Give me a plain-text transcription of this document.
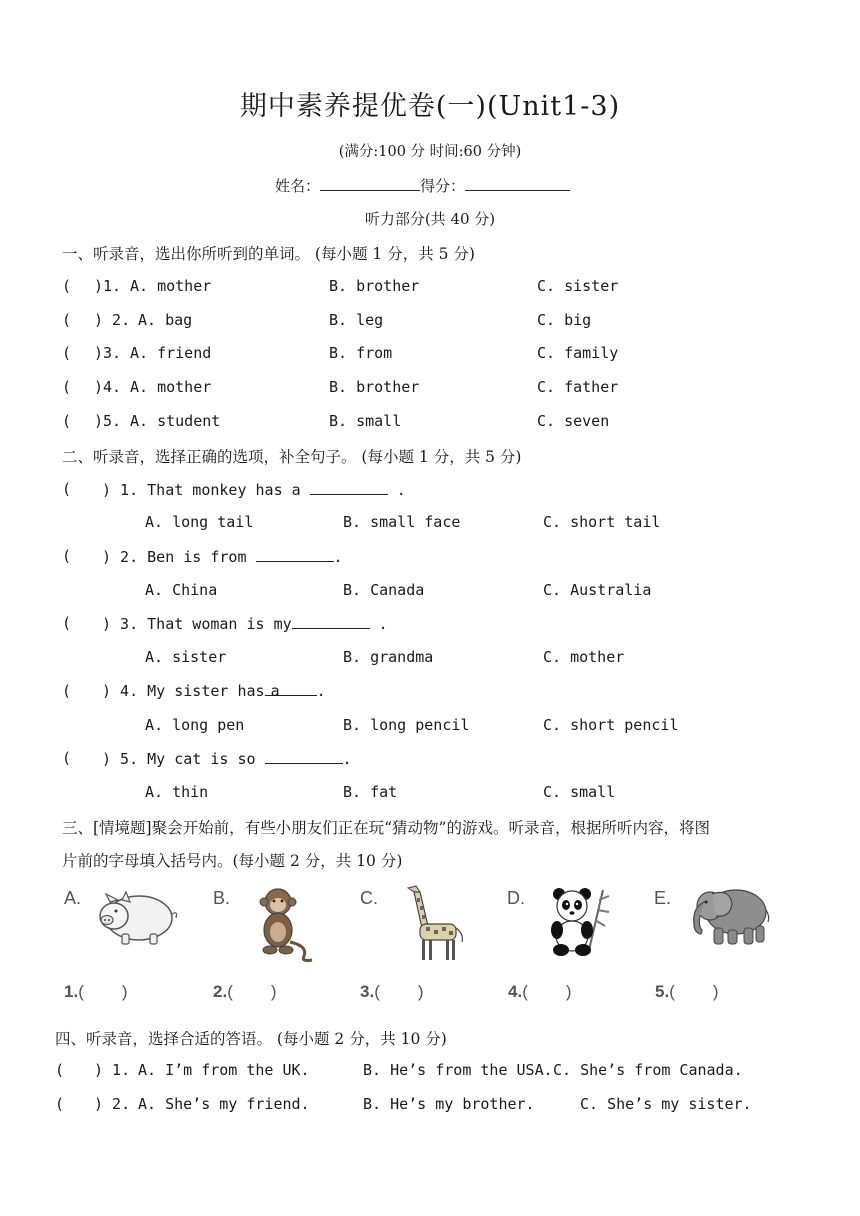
期中素养提优卷(一)(Unit1-3)
(满分:100 分 时间:60 分钟)
姓名：	得分：
听力部分(共 40 分)
一、听录音，选出你所听到的单词。 (每小题 1 分，共 5 分)
( )1. A. mother	B. brother	C. sister
( ) 2. A. bag	B. leg	C. big
( )3. A. friend	B. from	C. family
( )4. A. mother	B. brother	C. father
( )5. A. student	B. small	C. seven
二、听录音，选择正确的选项，补全句子。 (每小题 1 分，共 5 分)
( ) 1. That monkey has a	.
A. long tail	B. small face	C. short tail
( ) 2. Ben is from	.
A. China	B. Canada	C. Australia
( ) 3. That woman is my	.
A. sister	B. grandma	C. mother
( ) 4. My sister has a .
A. long pen	B. long pencil	C. short pencil
( ) 5. My cat is so	.
A. thin	B. fat	C. small
三、[情境题]聚会开始前，有些小朋友们正在玩“猜动物”的游戏。听录音，根据所听内容，将图
片前的字母填入括号内。(每小题 2 分，共 10 分)
A.	B.	C.	D.	E.
1.( )	2.( )	3.( )	4.( )	5.( )
四、听录音，选择合适的答语。 (每小题 2 分，共 10 分)
( ) 1. A. I’m from the UK.	B. He’s from the USA. C. She’s from Canada.
( ) 2. A. She’s my friend.	B. He’s my brother.	C. She’s my sister.
